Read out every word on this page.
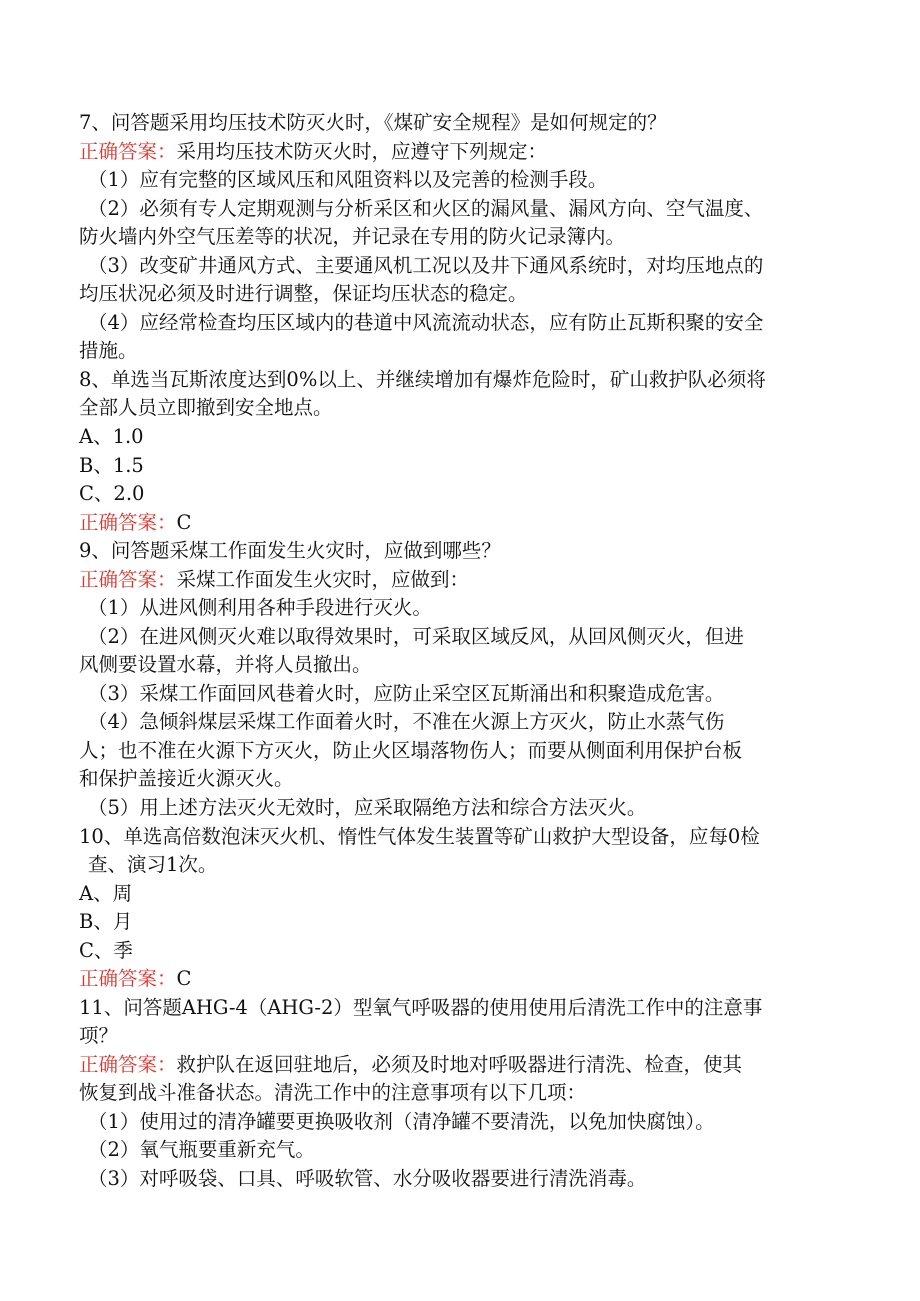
7、问答题采用均压技术防灭火时，《煤矿安全规程》是如何规定的？
正确答案：采用均压技术防灭火时，应遵守下列规定：
（1）应有完整的区域风压和风阻资料以及完善的检测手段。
（2）必须有专人定期观测与分析采区和火区的漏风量、漏风方向、空气温度、
防火墙内外空气压差等的状况，并记录在专用的防火记录簿内。
（3）改变矿井通风方式、主要通风机工况以及井下通风系统时，对均压地点的
均压状况必须及时进行调整，保证均压状态的稳定。
（4）应经常检查均压区域内的巷道中风流流动状态，应有防止瓦斯积聚的安全
措施。
8、单选当瓦斯浓度达到0%以上、并继续增加有爆炸危险时，矿山救护队必须将
全部人员立即撤到安全地点。
A、1.0
B、1.5
C、2.0
正确答案：C
9、问答题采煤工作面发生火灾时，应做到哪些？
正确答案：采煤工作面发生火灾时，应做到：
（1）从进风侧利用各种手段进行灭火。
（2）在进风侧灭火难以取得效果时，可采取区域反风，从回风侧灭火，但进
风侧要设置水幕，并将人员撤出。
（3）采煤工作面回风巷着火时，应防止采空区瓦斯涌出和积聚造成危害。
（4）急倾斜煤层采煤工作面着火时，不准在火源上方灭火，防止水蒸气伤
人；也不准在火源下方灭火，防止火区塌落物伤人；而要从侧面利用保护台板
和保护盖接近火源灭火。
（5）用上述方法灭火无效时，应采取隔绝方法和综合方法灭火。
10、单选高倍数泡沫灭火机、惰性气体发生装置等矿山救护大型设备，应每0检
查、演习1次。
A、周
B、月
C、季
正确答案：C
11、问答题AHG-4（AHG-2）型氧气呼吸器的使用使用后清洗工作中的注意事
项？
正确答案：救护队在返回驻地后，必须及时地对呼吸器进行清洗、检查，使其
恢复到战斗准备状态。清洗工作中的注意事项有以下几项：
（1）使用过的清净罐要更换吸收剂（清净罐不要清洗，以免加快腐蚀）。
（2）氧气瓶要重新充气。
（3）对呼吸袋、口具、呼吸软管、水分吸收器要进行清洗消毒。
